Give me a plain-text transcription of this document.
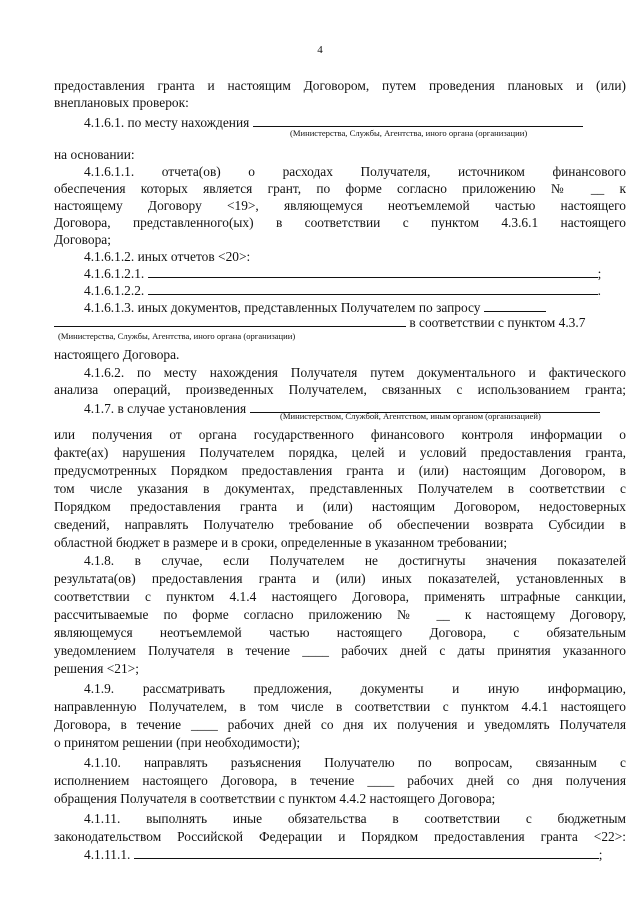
4
предоставления гранта и настоящим Договором, путем проведения плановых и (или)
внеплановых проверок:
4.1.6.1. по месту нахождения
(Министерства, Службы, Агентства, иного органа (организации)
на основании:
4.1.6.1.1. отчета(ов) о расходах Получателя, источником финансового
обеспечения которых является грант, по форме согласно приложению № __ к
настоящему Договору <19>, являющемуся неотъемлемой частью настоящего
Договора, представленного(ых) в соответствии с пунктом 4.3.6.1 настоящего
Договора;
4.1.6.1.2. иных отчетов <20>:
4.1.6.1.2.1.	;
4.1.6.1.2.2.	.
4.1.6.1.3. иных документов, представленных Получателем по запросу
в соответствии с пунктом 4.3.7
(Министерства, Службы, Агентства, иного органа (организации)
настоящего Договора.
4.1.6.2. по месту нахождения Получателя путем документального и фактического
анализа операций, произведенных Получателем, связанных с использованием гранта;
4.1.7. в случае установления	(Министерством, Службой, Агентством, иным органом (организацией)
или получения от органа государственного финансового контроля информации о
факте(ах) нарушения Получателем порядка, целей и условий предоставления гранта,
предусмотренных Порядком предоставления гранта и (или) настоящим Договором, в
том числе указания в документах, представленных Получателем в соответствии с
Порядком предоставления гранта и (или) настоящим Договором, недостоверных
сведений, направлять Получателю требование об обеспечении возврата Субсидии в
областной бюджет в размере и в сроки, определенные в указанном требовании;
4.1.8. в случае, если Получателем не достигнуты значения показателей
результата(ов) предоставления гранта и (или) иных показателей, установленных в
соответствии с пунктом 4.1.4 настоящего Договора, применять штрафные санкции,
рассчитываемые по форме согласно приложению № __ к настоящему Договору,
являющемуся неотъемлемой частью настоящего Договора, с обязательным
уведомлением Получателя в течение ____ рабочих дней с даты принятия указанного
решения <21>;
4.1.9. рассматривать предложения, документы и иную информацию,
направленную Получателем, в том числе в соответствии с пунктом 4.4.1 настоящего
Договора, в течение ____ рабочих дней со дня их получения и уведомлять Получателя
о принятом решении (при необходимости);
4.1.10. направлять разъяснения Получателю по вопросам, связанным с
исполнением настоящего Договора, в течение ____ рабочих дней со дня получения
обращения Получателя в соответствии с пунктом 4.4.2 настоящего Договора;
4.1.11. выполнять иные обязательства в соответствии с бюджетным
законодательством Российской Федерации и Порядком предоставления гранта <22>:
4.1.11.1.	;
